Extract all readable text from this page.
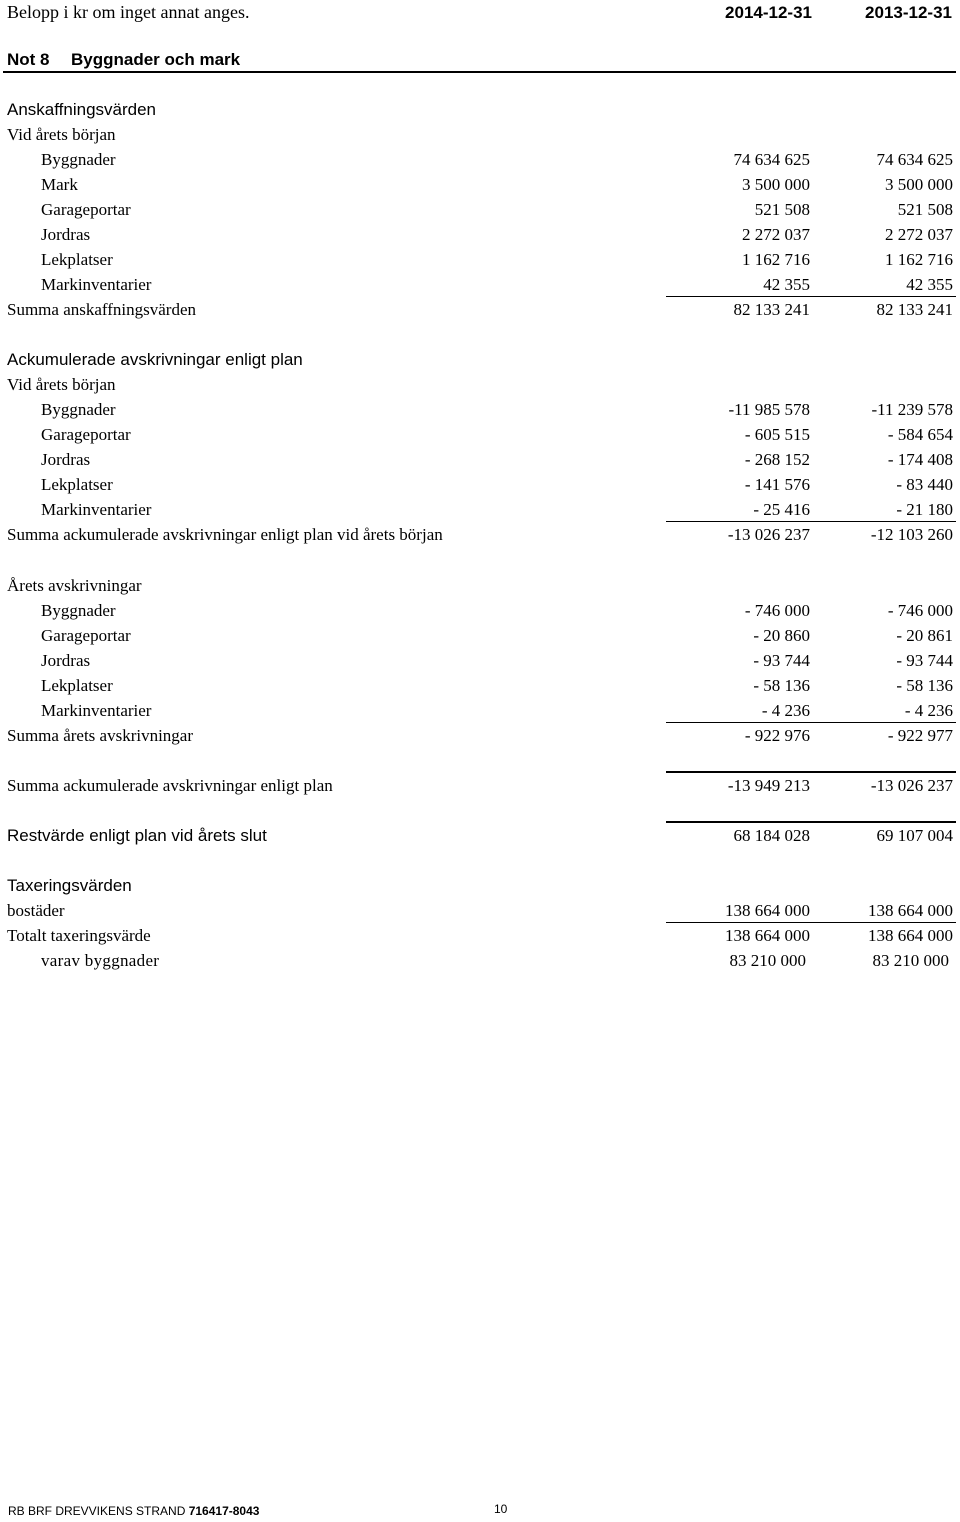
Belopp i kr om inget annat anges.	2014-12-31	2013-12-31
Not 8 Byggnader och mark
Anskaffningsvärden
Vid årets början
Byggnader	74 634 625	74 634 625
Mark	3 500 000	3 500 000
Garageportar	521 508	521 508
Jordras	2 272 037	2 272 037
Lekplatser	1 162 716	1 162 716
Markinventarier	42 355	42 355
Summa anskaffningsvärden	82 133 241	82 133 241
Ackumulerade avskrivningar enligt plan
Vid årets början
Byggnader	-11 985 578	-11 239 578
Garageportar	- 605 515	- 584 654
Jordras	- 268 152	- 174 408
Lekplatser	- 141 576	- 83 440
Markinventarier	- 25 416	- 21 180
Summa ackumulerade avskrivningar enligt plan vid årets början	-13 026 237	-12 103 260
Årets avskrivningar
Byggnader	- 746 000	- 746 000
Garageportar	- 20 860	- 20 861
Jordras	- 93 744	- 93 744
Lekplatser	- 58 136	- 58 136
Markinventarier	- 4 236	- 4 236
Summa årets avskrivningar	- 922 976	- 922 977
Summa ackumulerade avskrivningar enligt plan	-13 949 213	-13 026 237
Restvärde enligt plan vid årets slut	68 184 028	69 107 004
Taxeringsvärden
bostäder	138 664 000	138 664 000
Totalt taxeringsvärde	138 664 000	138 664 000
varav byggnader	83 210 000	83 210 000
RB BRF DREVVIKENS STRAND 716417-8043	10
